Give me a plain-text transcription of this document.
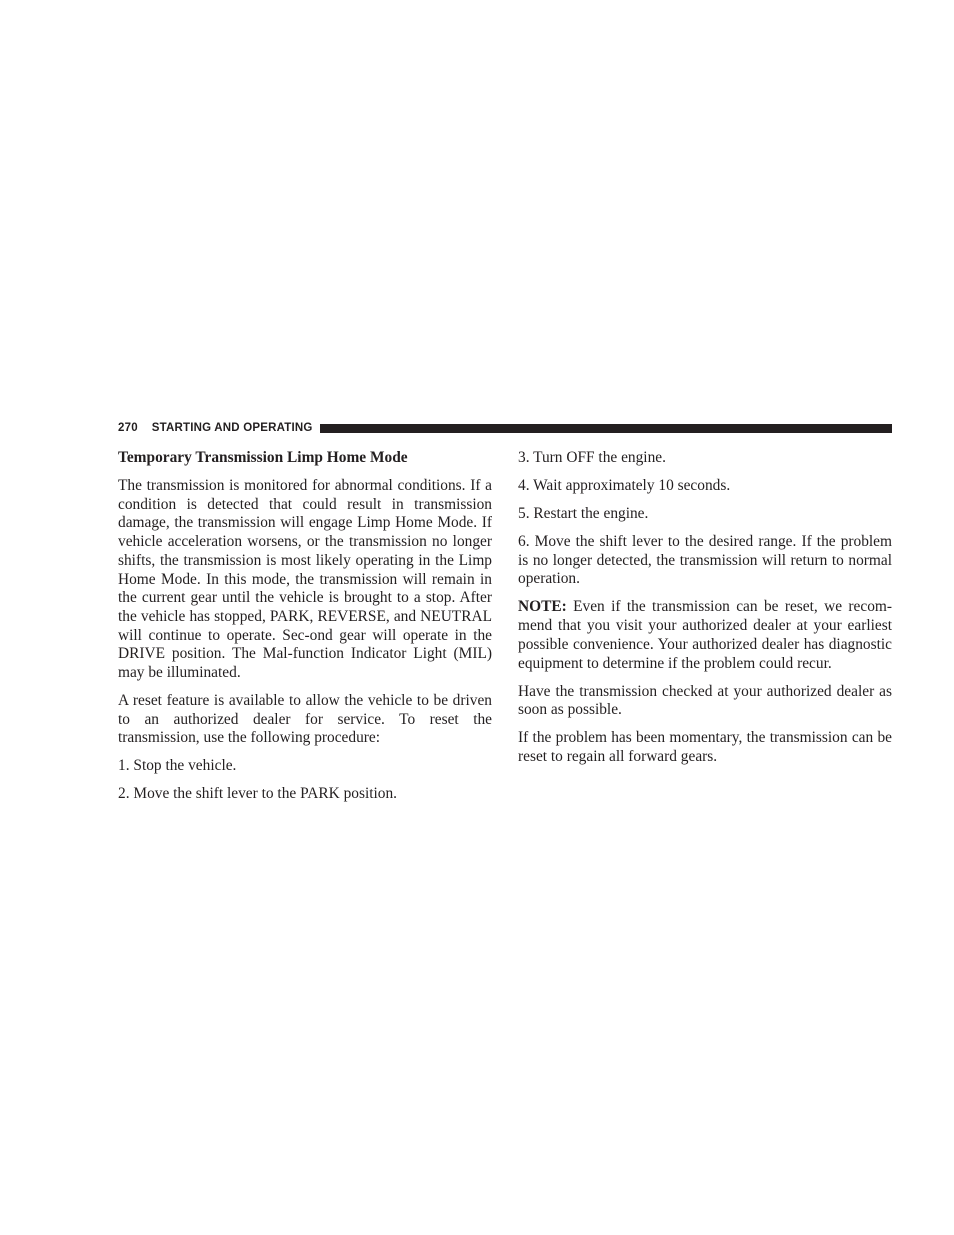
270 STARTING AND OPERATING

Temporary Transmission Limp Home Mode

The transmission is monitored for abnormal conditions. If a condition is detected that could result in transmission damage, the transmission will engage Limp Home Mode. If vehicle acceleration worsens, or the transmission no longer shifts, the transmission is most likely operating in the Limp Home Mode. In this mode, the transmission will remain in the current gear until the vehicle is brought to a stop. After the vehicle has stopped, PARK, REVERSE, and NEUTRAL will continue to operate. Sec-ond gear will operate in the DRIVE position. The Mal-function Indicator Light (MIL) may be illuminated.

A reset feature is available to allow the vehicle to be driven to an authorized dealer for service. To reset the transmission, use the following procedure:

1. Stop the vehicle.

2. Move the shift lever to the PARK position.

3. Turn OFF the engine.

4. Wait approximately 10 seconds.

5. Restart the engine.

6. Move the shift lever to the desired range. If the problem is no longer detected, the transmission will return to normal operation.

NOTE: Even if the transmission can be reset, we recom-mend that you visit your authorized dealer at your earliest possible convenience. Your authorized dealer has diagnostic equipment to determine if the problem could recur.

Have the transmission checked at your authorized dealer as soon as possible.

If the problem has been momentary, the transmission can be reset to regain all forward gears.
